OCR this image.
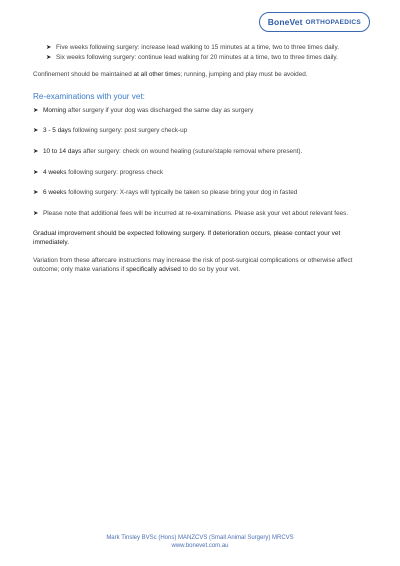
BoneVet ORTHOPAEDICS
➤ Five weeks following surgery: increase lead walking to 15 minutes at a time, two to three times daily.
➤ Six weeks following surgery: continue lead walking for 20 minutes at a time, two to three times daily.
Confinement should be maintained at all other times; running, jumping and play must be avoided.
Re-examinations with your vet:
➤ Morning after surgery if your dog was discharged the same day as surgery
➤ 3 - 5 days following surgery: post surgery check-up
➤ 10 to 14 days after surgery: check on wound healing (suture/staple removal where present).
➤ 4 weeks following surgery: progress check
➤ 6 weeks following surgery: X-rays will typically be taken so please bring your dog in fasted
➤ Please note that additional fees will be incurred at re-examinations. Please ask your vet about relevant fees.
Gradual improvement should be expected following surgery. If deterioration occurs, please contact your vet immediately.
Variation from these aftercare instructions may increase the risk of post-surgical complications or otherwise affect outcome; only make variations if specifically advised to do so by your vet.
Mark Tinsley BVSc (Hons) MANZCVS (Small Animal Surgery) MRCVS
www.bonevet.com.au
